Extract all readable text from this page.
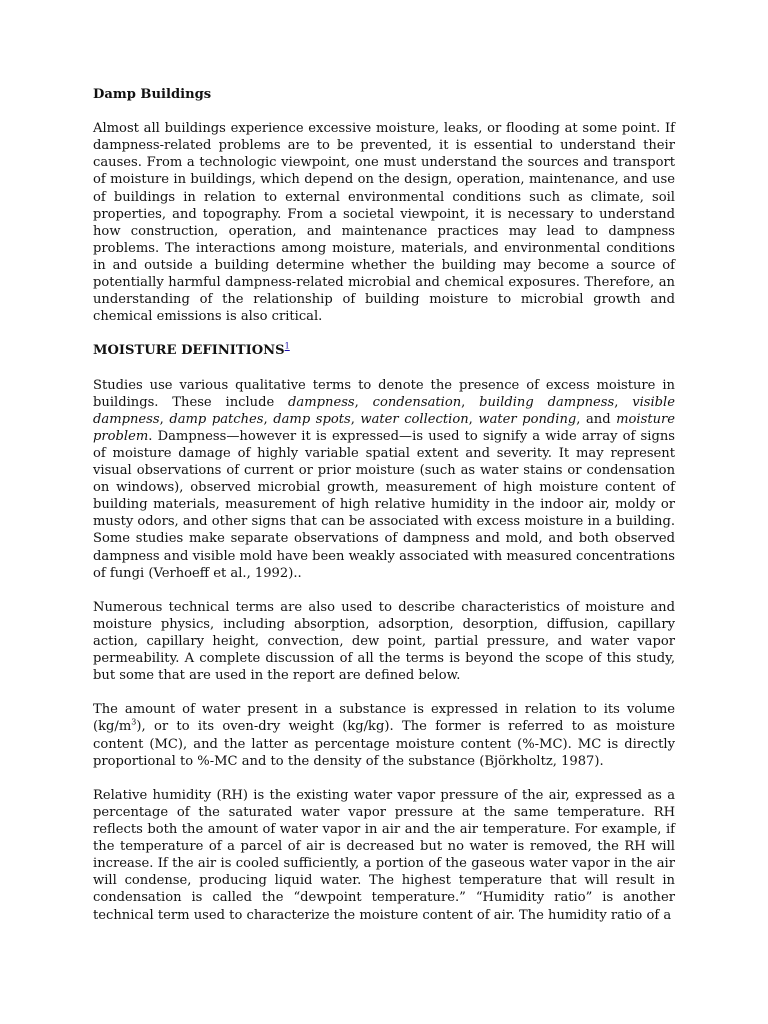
Damp Buildings

Almost all buildings experience excessive moisture, leaks, or flooding at some point. If dampness-related problems are to be prevented, it is essential to understand their causes. From a technologic viewpoint, one must understand the sources and transport of moisture in buildings, which depend on the design, operation, maintenance, and use of buildings in relation to external environmental conditions such as climate, soil properties, and topography. From a societal viewpoint, it is necessary to understand how construction, operation, and maintenance practices may lead to dampness problems. The interactions among moisture, materials, and environmental conditions in and outside a building determine whether the building may become a source of potentially harmful dampness-related microbial and chemical exposures. Therefore, an understanding of the relationship of building moisture to microbial growth and chemical emissions is also critical.

MOISTURE DEFINITIONS$^1$

Studies use various qualitative terms to denote the presence of excess moisture in buildings. These include dampness, condensation, building dampness, visible dampness, damp patches, damp spots, water collection, water ponding, and moisture problem. Dampness—however it is expressed—is used to signify a wide array of signs of moisture damage of highly variable spatial extent and severity. It may represent visual observations of current or prior moisture (such as water stains or condensation on windows), observed microbial growth, measurement of high moisture content of building materials, measurement of high relative humidity in the indoor air, moldy or musty odors, and other signs that can be associated with excess moisture in a building. Some studies make separate observations of dampness and mold, and both observed dampness and visible mold have been weakly associated with measured concentrations of fungi (Verhoeff et al., 1992)..

Numerous technical terms are also used to describe characteristics of moisture and moisture physics, including absorption, adsorption, desorption, diffusion, capillary action, capillary height, convection, dew point, partial pressure, and water vapor permeability. A complete discussion of all the terms is beyond the scope of this study, but some that are used in the report are defined below.

The amount of water present in a substance is expressed in relation to its volume $(kg/m^3)$, or to its oven-dry weight (kg/kg). The former is referred to as moisture content (MC), and the latter as percentage moisture content (%-MC). MC is directly proportional to %-MC and to the density of the substance (Björkholtz, 1987).

Relative humidity (RH) is the existing water vapor pressure of the air, expressed as a percentage of the saturated water vapor pressure at the same temperature. RH reflects both the amount of water vapor in air and the air temperature. For example, if the temperature of a parcel of air is decreased but no water is removed, the RH will increase. If the air is cooled sufficiently, a portion of the gaseous water vapor in the air will condense, producing liquid water. The highest temperature that will result in condensation is called the “dewpoint temperature.” “Humidity ratio” is another technical term used to characterize the moisture content of air. The humidity ratio of a
